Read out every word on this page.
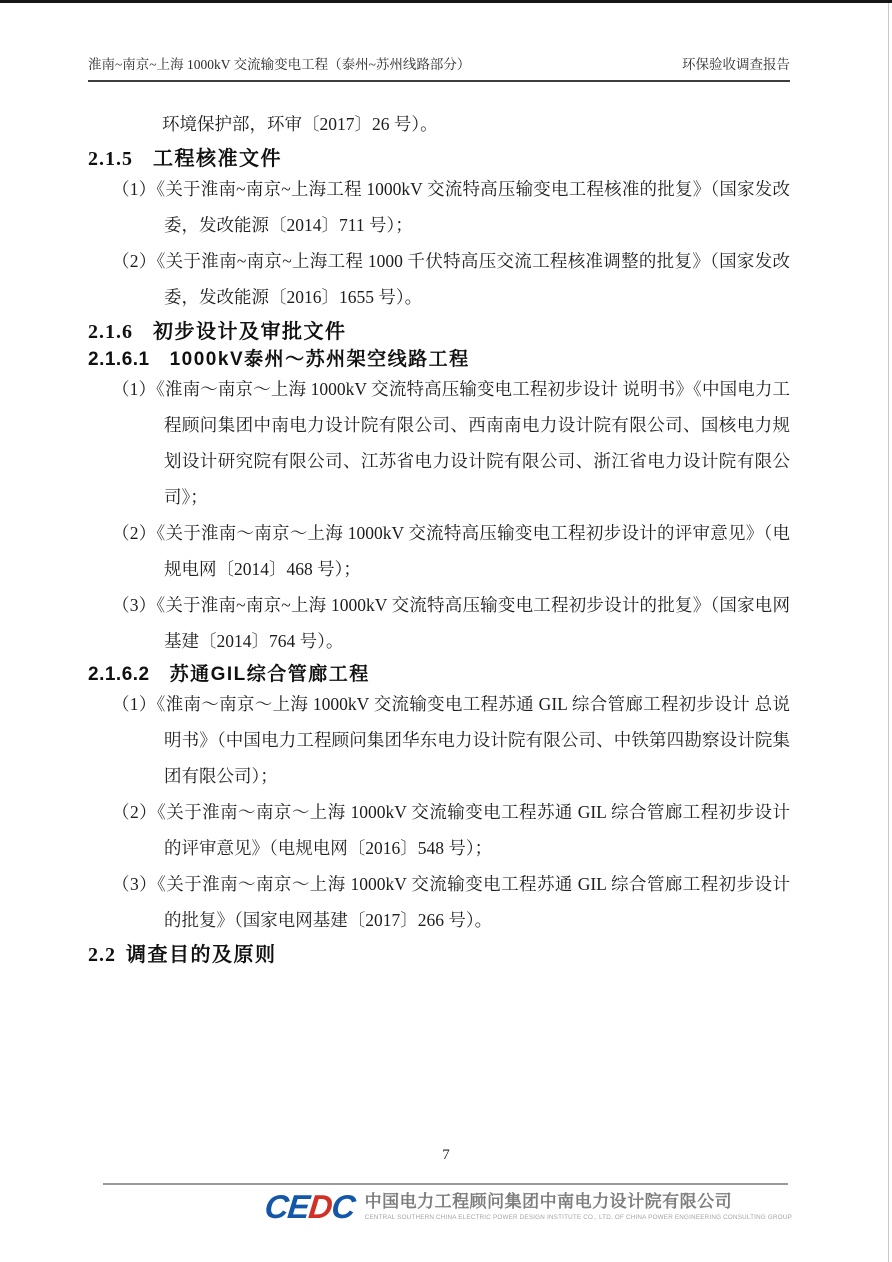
淮南~南京~上海 1000kV 交流输变电工程（泰州~苏州线路部分）	环保验收调查报告

环境保护部，环审〔2017〕26 号）。

2.1.5 工程核准文件

（1）《关于淮南~南京~上海工程 1000kV 交流特高压输变电工程核准的批复》（国家发改委，发改能源〔2014〕711 号）；

（2）《关于淮南~南京~上海工程 1000 千伏特高压交流工程核准调整的批复》（国家发改委，发改能源〔2016〕1655 号）。

2.1.6 初步设计及审批文件
2.1.6.1 1000kV泰州～苏州架空线路工程

（1）《淮南～南京～上海 1000kV 交流特高压输变电工程初步设计 说明书》《中国电力工程顾问集团中南电力设计院有限公司、西南南电力设计院有限公司、国核电力规划设计研究院有限公司、江苏省电力设计院有限公司、浙江省电力设计院有限公司》；

（2）《关于淮南～南京～上海 1000kV 交流特高压输变电工程初步设计的评审意见》（电规电网〔2014〕468 号）；

（3）《关于淮南~南京~上海 1000kV 交流特高压输变电工程初步设计的批复》（国家电网基建〔2014〕764 号）。

2.1.6.2 苏通GIL综合管廊工程

（1）《淮南～南京～上海 1000kV 交流输变电工程苏通 GIL 综合管廊工程初步设计 总说明书》（中国电力工程顾问集团华东电力设计院有限公司、中铁第四勘察设计院集团有限公司）；

（2）《关于淮南～南京～上海 1000kV 交流输变电工程苏通 GIL 综合管廊工程初步设计的评审意见》（电规电网〔2016〕548 号）；

（3）《关于淮南～南京～上海 1000kV 交流输变电工程苏通 GIL 综合管廊工程初步设计的批复》（国家电网基建〔2017〕266 号）。

2.2 调查目的及原则
7
CEDC 中国电力工程顾问集团中南电力设计院有限公司
CENTRAL SOUTHERN CHINA ELECTRIC POWER DESIGN INSTITUTE CO., LTD. OF CHINA POWER ENGINEERING CONSULTING GROUP
